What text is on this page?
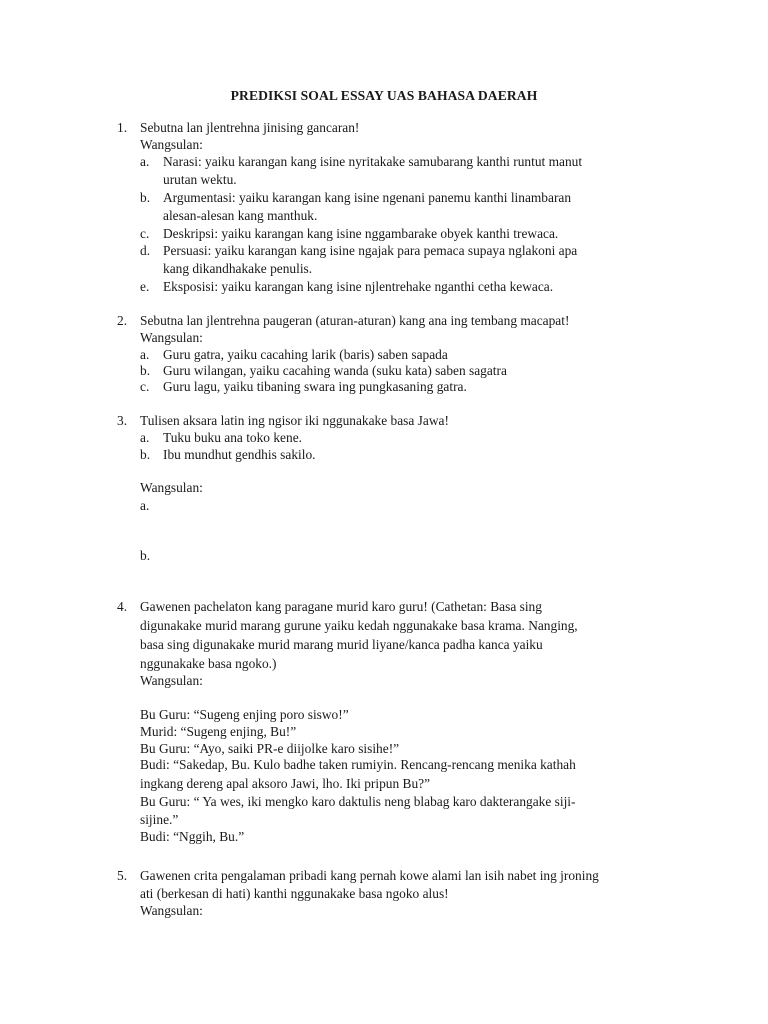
PREDIKSI SOAL ESSAY UAS BAHASA DAERAH
1. Sebutna lan jlentrehna jinising gancaran!
Wangsulan:
a. Narasi: yaiku karangan kang isine nyritakake samubarang kanthi runtut manut
urutan wektu.
b. Argumentasi: yaiku karangan kang isine ngenani panemu kanthi linambaran
alesan-alesan kang manthuk.
c. Deskripsi: yaiku karangan kang isine nggambarake obyek kanthi trewaca.
d. Persuasi: yaiku karangan kang isine ngajak para pemaca supaya nglakoni apa
kang dikandhakake penulis.
e. Eksposisi: yaiku karangan kang isine njlentrehake nganthi cetha kewaca.
2. Sebutna lan jlentrehna paugeran (aturan-aturan) kang ana ing tembang macapat!
Wangsulan:
a. Guru gatra, yaiku cacahing larik (baris) saben sapada
b. Guru wilangan, yaiku cacahing wanda (suku kata) saben sagatra
c. Guru lagu, yaiku tibaning swara ing pungkasaning gatra.
3. Tulisen aksara latin ing ngisor iki nggunakake basa Jawa!
a. Tuku buku ana toko kene.
b. Ibu mundhut gendhis sakilo.
Wangsulan:
a.
b.
4. Gawenen pachelaton kang paragane murid karo guru! (Cathetan: Basa sing
digunakake murid marang gurune yaiku kedah nggunakake basa krama. Nanging,
basa sing digunakake murid marang murid liyane/kanca padha kanca yaiku
nggunakake basa ngoko.)
Wangsulan:
Bu Guru: “Sugeng enjing poro siswo!”
Murid: “Sugeng enjing, Bu!”
Bu Guru: “Ayo, saiki PR-e diijolke karo sisihe!”
Budi: “Sakedap, Bu. Kulo badhe taken rumiyin. Rencang-rencang menika kathah
ingkang dereng apal aksoro Jawi, lho. Iki pripun Bu?”
Bu Guru: “ Ya wes, iki mengko karo daktulis neng blabag karo dakterangake siji-
sijine.”
Budi: “Nggih, Bu.”
5. Gawenen crita pengalaman pribadi kang pernah kowe alami lan isih nabet ing jroning
ati (berkesan di hati) kanthi nggunakake basa ngoko alus!
Wangsulan:
